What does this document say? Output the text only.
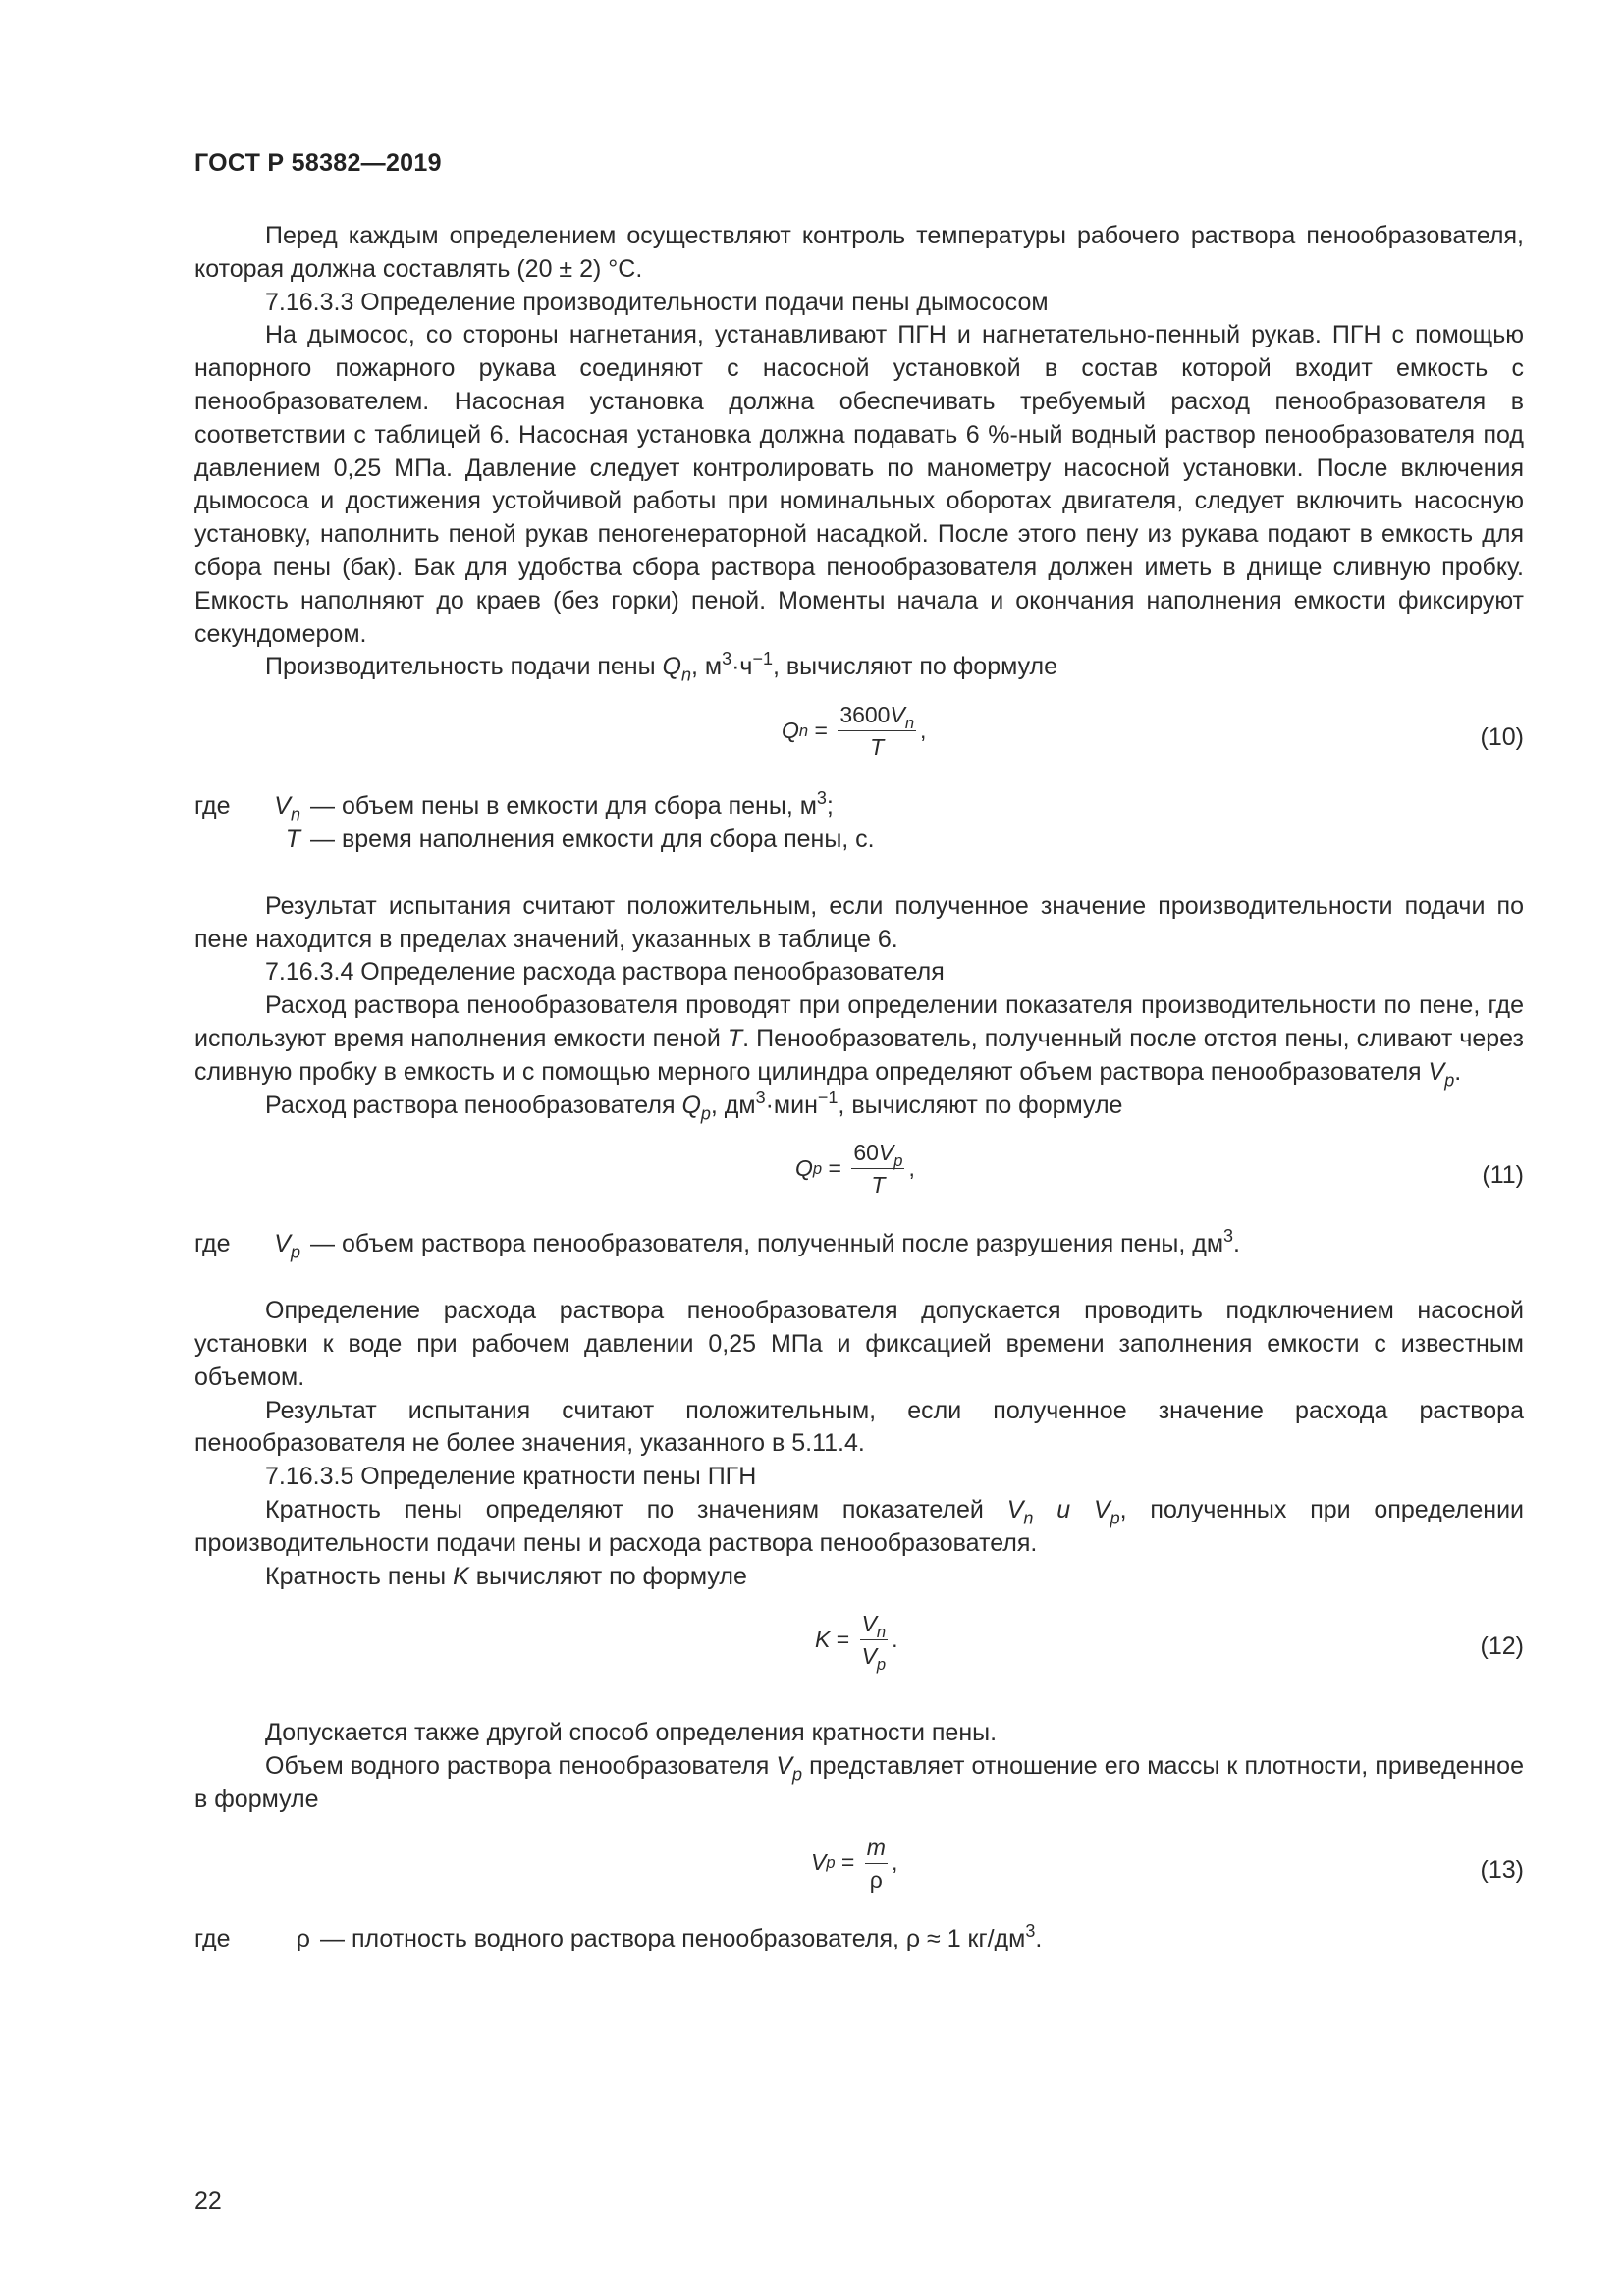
ГОСТ Р 58382—2019

Перед каждым определением осуществляют контроль температуры рабочего раствора пенообразователя, которая должна составлять (20 ± 2) °С.

7.16.3.3 Определение производительности подачи пены дымососом

На дымосос, со стороны нагнетания, устанавливают ПГН и нагнетательно-пенный рукав. ПГН с помощью напорного пожарного рукава соединяют с насосной установкой в состав которой входит емкость с пенообразователем. Насосная установка должна обеспечивать требуемый расход пенообразователя в соответствии с таблицей 6. Насосная установка должна подавать 6 %-ный водный раствор пенообразователя под давлением 0,25 МПа. Давление следует контролировать по манометру насосной установки. После включения дымососа и достижения устойчивой работы при номинальных оборотах двигателя, следует включить насосную установку, наполнить пеной рукав пеногенераторной насадкой. После этого пену из рукава подают в емкость для сбора пены (бак). Бак для удобства сбора раствора пенообразователя должен иметь в днище сливную пробку. Емкость наполняют до краев (без горки) пеной. Моменты начала и окончания наполнения емкости фиксируют секундомером.

Производительность подачи пены $Q_n$, $м^3\cdot ч^{-1}$, вычисляют по формуле

Q $n = \frac{3600V_n}{T}$ ,	(10)
где	$V_n$ — объем пены в емкости для сбора пены, $м^3$;
T — время наполнения емкости для сбора пены, с.

Результат испытания считают положительным, если полученное значение производительности подачи по пене находится в пределах значений, указанных в таблице 6.

7.16.3.4 Определение расхода раствора пенообразователя

Расход раствора пенообразователя проводят при определении показателя производительности по пене, где используют время наполнения емкости пеной T. Пенообразователь, полученный после отстоя пены, сливают через сливную пробку в емкость и с помощью мерного цилиндра определяют объем раствора пенообразователя $V_p$.

Расход раствора пенообразователя $Q_p$, $дм^3\cdot мин^{-1}$, вычисляют по формуле

Q $p = \frac{60V_p}{T}$ ,	(11)
где	$V_p$ — объем раствора пенообразователя, полученный после разрушения пены, $дм^3$.

Определение расхода раствора пенообразователя допускается проводить подключением насосной установки к воде при рабочем давлении 0,25 МПа и фиксацией времени заполнения емкости с известным объемом.

Результат испытания считают положительным, если полученное значение расхода раствора пенообразователя не более значения, указанного в 5.11.4.

7.16.3.5 Определение кратности пены ПГН

Кратность пены определяют по значениям показателей $V_n$ и $V_p$, полученных при определении производительности подачи пены и расхода раствора пенообразователя.

Кратность пены K вычисляют по формуле

$K = \frac{V_n}{V_p}$ .	(12)

Допускается также другой способ определения кратности пены.

Объем водного раствора пенообразователя $V_p$ представляет отношение его массы к плотности, приведенное в формуле

V $p = \frac{m}{\rho}$ ,	(13)
где	ρ — плотность водного раствора пенообразователя, ρ ≈ 1 $кг/дм^3$.
22
